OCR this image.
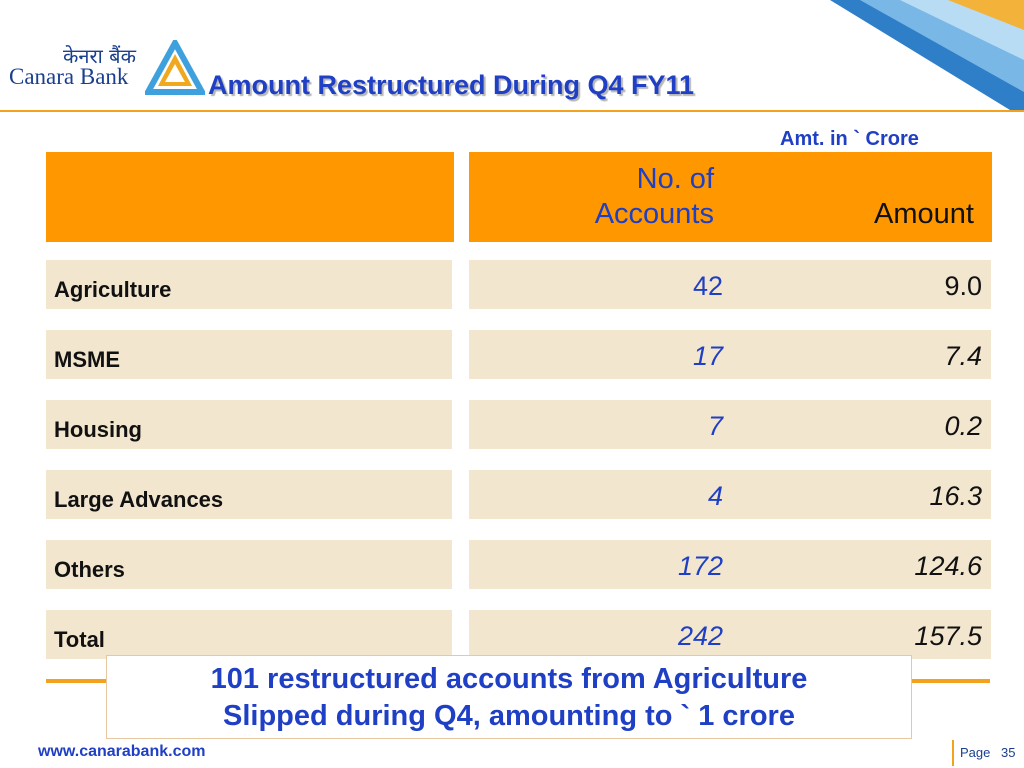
केनरा बैंक
Canara Bank	Amount Restructured During Q4 FY11
Amt. in ` Crore
No. of
Accounts	Amount
Agriculture	42	9.0
MSME	17	7.4
Housing	7	0.2
Large Advances	4	16.3
Others	172	124.6
Total	242	157.5
101 restructured accounts from Agriculture
Slipped during Q4, amounting to ` 1 crore
www.canarabank.com	Page 35
